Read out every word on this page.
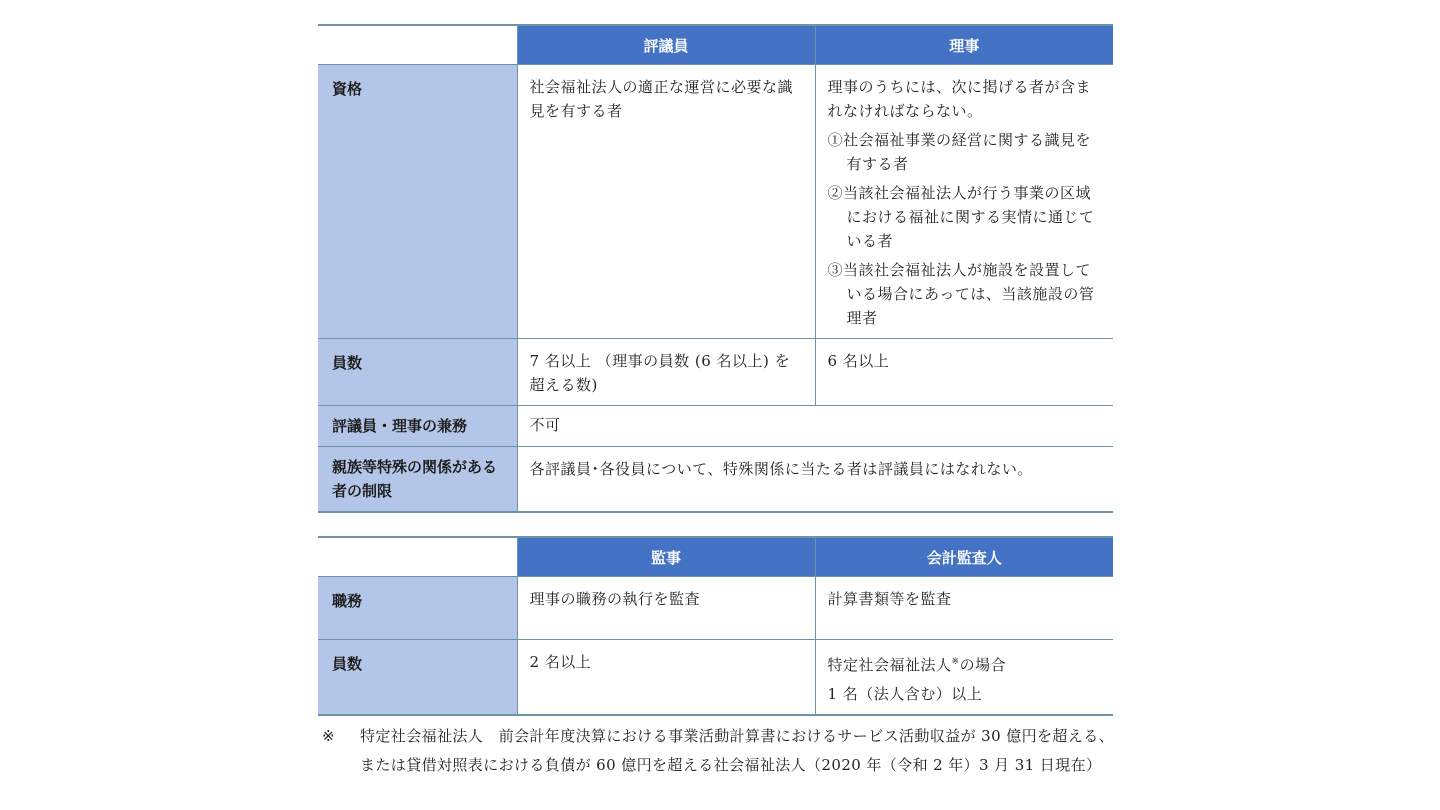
	評議員	理事
資格	社会福祉法人の適正な運営に必要な識見を有する者	理事のうちには、次に掲げる者が含まれなければならない。
①社会福祉事業の経営に関する識見を有する者
②当該社会福祉法人が行う事業の区域における福祉に関する実情に通じている者
③当該社会福祉法人が施設を設置している場合にあっては、当該施設の管理者

員数	7 名以上 （理事の員数 (6 名以上) を超える数)	6 名以上
評議員・理事の兼務	不可	
親族等特殊の関係がある者の制限	各評議員･各役員について、特殊関係に当たる者は評議員にはなれない。	
	監事	会計監査人
職務	理事の職務の執行を監査	計算書類等を監査
員数	2 名以上	特定社会福祉法人※の場合
1 名（法人含む）以上
※ 特定社会福祉法人　前会計年度決算における事業活動計算書におけるサービス活動収益が 30 億円を超える、または貸借対照表における負債が 60 億円を超える社会福祉法人（2020 年（令和 2 年）3 月 31 日現在）
